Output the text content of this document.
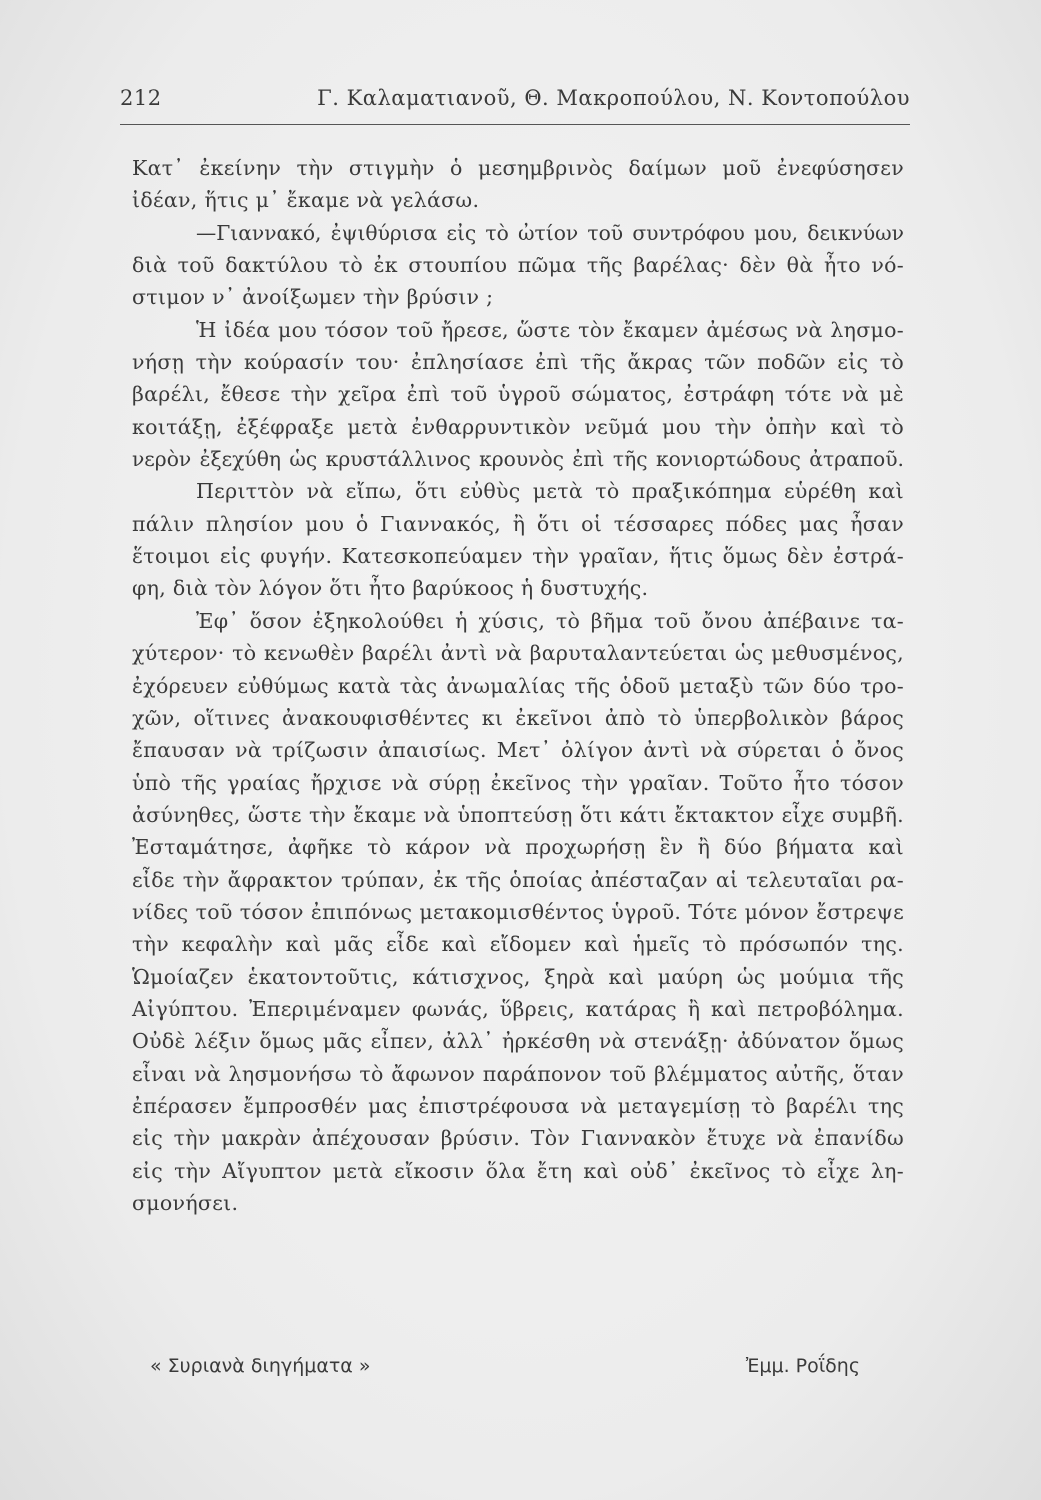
212	Γ. Καλαματιανοῦ, Θ. Μακροπούλου, Ν. Κοντοπούλου
Κατ᾿ ἐκείνην τὴν στιγμὴν ὁ μεσημβρινὸς δαίμων μοῦ ἐνεφύσησεν
ἰδέαν, ἥτις μ᾿ ἔκαμε νὰ γελάσω.
—Γιαννακό, ἐψιθύρισα εἰς τὸ ὠτίον τοῦ συντρόφου μου, δεικνύων
διὰ τοῦ δακτύλου τὸ ἐκ στουπίου πῶμα τῆς βαρέλας· δὲν θὰ ἦτο νό-
στιμον ν᾿ ἀνοίξωμεν τὴν βρύσιν ;
Ἡ ἰδέα μου τόσον τοῦ ἤρεσε, ὥστε τὸν ἔκαμεν ἀμέσως νὰ λησμο-
νήσῃ τὴν κούρασίν του· ἐπλησίασε ἐπὶ τῆς ἄκρας τῶν ποδῶν εἰς τὸ
βαρέλι, ἔθεσε τὴν χεῖρα ἐπὶ τοῦ ὑγροῦ σώματος, ἐστράφη τότε νὰ μὲ
κοιτάξῃ, ἐξέφραξε μετὰ ἐνθαρρυντικὸν νεῦμά μου τὴν ὀπὴν καὶ τὸ
νερὸν ἐξεχύθη ὡς κρυστάλλινος κρουνὸς ἐπὶ τῆς κονιορτώδους ἀτραποῦ.
Περιττὸν νὰ εἴπω, ὅτι εὐθὺς μετὰ τὸ πραξικόπημα εὑρέθη καὶ
πάλιν πλησίον μου ὁ Γιαννακός, ἢ ὅτι οἱ τέσσαρες πόδες μας ἦσαν
ἕτοιμοι εἰς φυγήν. Κατεσκοπεύαμεν τὴν γραῖαν, ἥτις ὅμως δὲν ἐστρά-
φη, διὰ τὸν λόγον ὅτι ἦτο βαρύκοος ἡ δυστυχής.
Ἐφ᾿ ὅσον ἐξηκολούθει ἡ χύσις, τὸ βῆμα τοῦ ὄνου ἀπέβαινε τα-
χύτερον· τὸ κενωθὲν βαρέλι ἀντὶ νὰ βαρυταλαντεύεται ὡς μεθυσμένος,
ἐχόρευεν εὐθύμως κατὰ τὰς ἀνωμαλίας τῆς ὁδοῦ μεταξὺ τῶν δύο τρο-
χῶν, οἵτινες ἀνακουφισθέντες κι ἐκεῖνοι ἀπὸ τὸ ὑπερβολικὸν βάρος
ἔπαυσαν νὰ τρίζωσιν ἀπαισίως. Μετ᾿ ὀλίγον ἀντὶ νὰ σύρεται ὁ ὄνος
ὑπὸ τῆς γραίας ἤρχισε νὰ σύρῃ ἐκεῖνος τὴν γραῖαν. Τοῦτο ἦτο τόσον
ἀσύνηθες, ὥστε τὴν ἔκαμε νὰ ὑποπτεύσῃ ὅτι κάτι ἔκτακτον εἶχε συμβῆ.
Ἐσταμάτησε, ἀφῆκε τὸ κάρον νὰ προχωρήσῃ ἓν ἢ δύο βήματα καὶ
εἶδε τὴν ἄφρακτον τρύπαν, ἐκ τῆς ὁποίας ἀπέσταζαν αἱ τελευταῖαι ρα-
νίδες τοῦ τόσον ἐπιπόνως μετακομισθέντος ὑγροῦ. Τότε μόνον ἔστρεψε
τὴν κεφαλὴν καὶ μᾶς εἶδε καὶ εἴδομεν καὶ ἡμεῖς τὸ πρόσωπόν της.
Ὡμοίαζεν ἑκατοντοῦτις, κάτισχνος, ξηρὰ καὶ μαύρη ὡς μούμια τῆς
Αἰγύπτου. Ἐπεριμέναμεν φωνάς, ὕβρεις, κατάρας ἢ καὶ πετροβόλημα.
Οὐδὲ λέξιν ὅμως μᾶς εἶπεν, ἀλλ᾿ ἠρκέσθη νὰ στενάξῃ· ἀδύνατον ὅμως
εἶναι νὰ λησμονήσω τὸ ἄφωνον παράπονον τοῦ βλέμματος αὐτῆς, ὅταν
ἐπέρασεν ἔμπροσθέν μας ἐπιστρέφουσα νὰ μεταγεμίσῃ τὸ βαρέλι της
εἰς τὴν μακρὰν ἀπέχουσαν βρύσιν. Τὸν Γιαννακὸν ἔτυχε νὰ ἐπανίδω
εἰς τὴν Αἴγυπτον μετὰ εἴκοσιν ὅλα ἔτη καὶ οὐδ᾿ ἐκεῖνος τὸ εἶχε λη-
σμονήσει.
« Συριανὰ διηγήματα »	Ἐμμ. Ροΐδης
